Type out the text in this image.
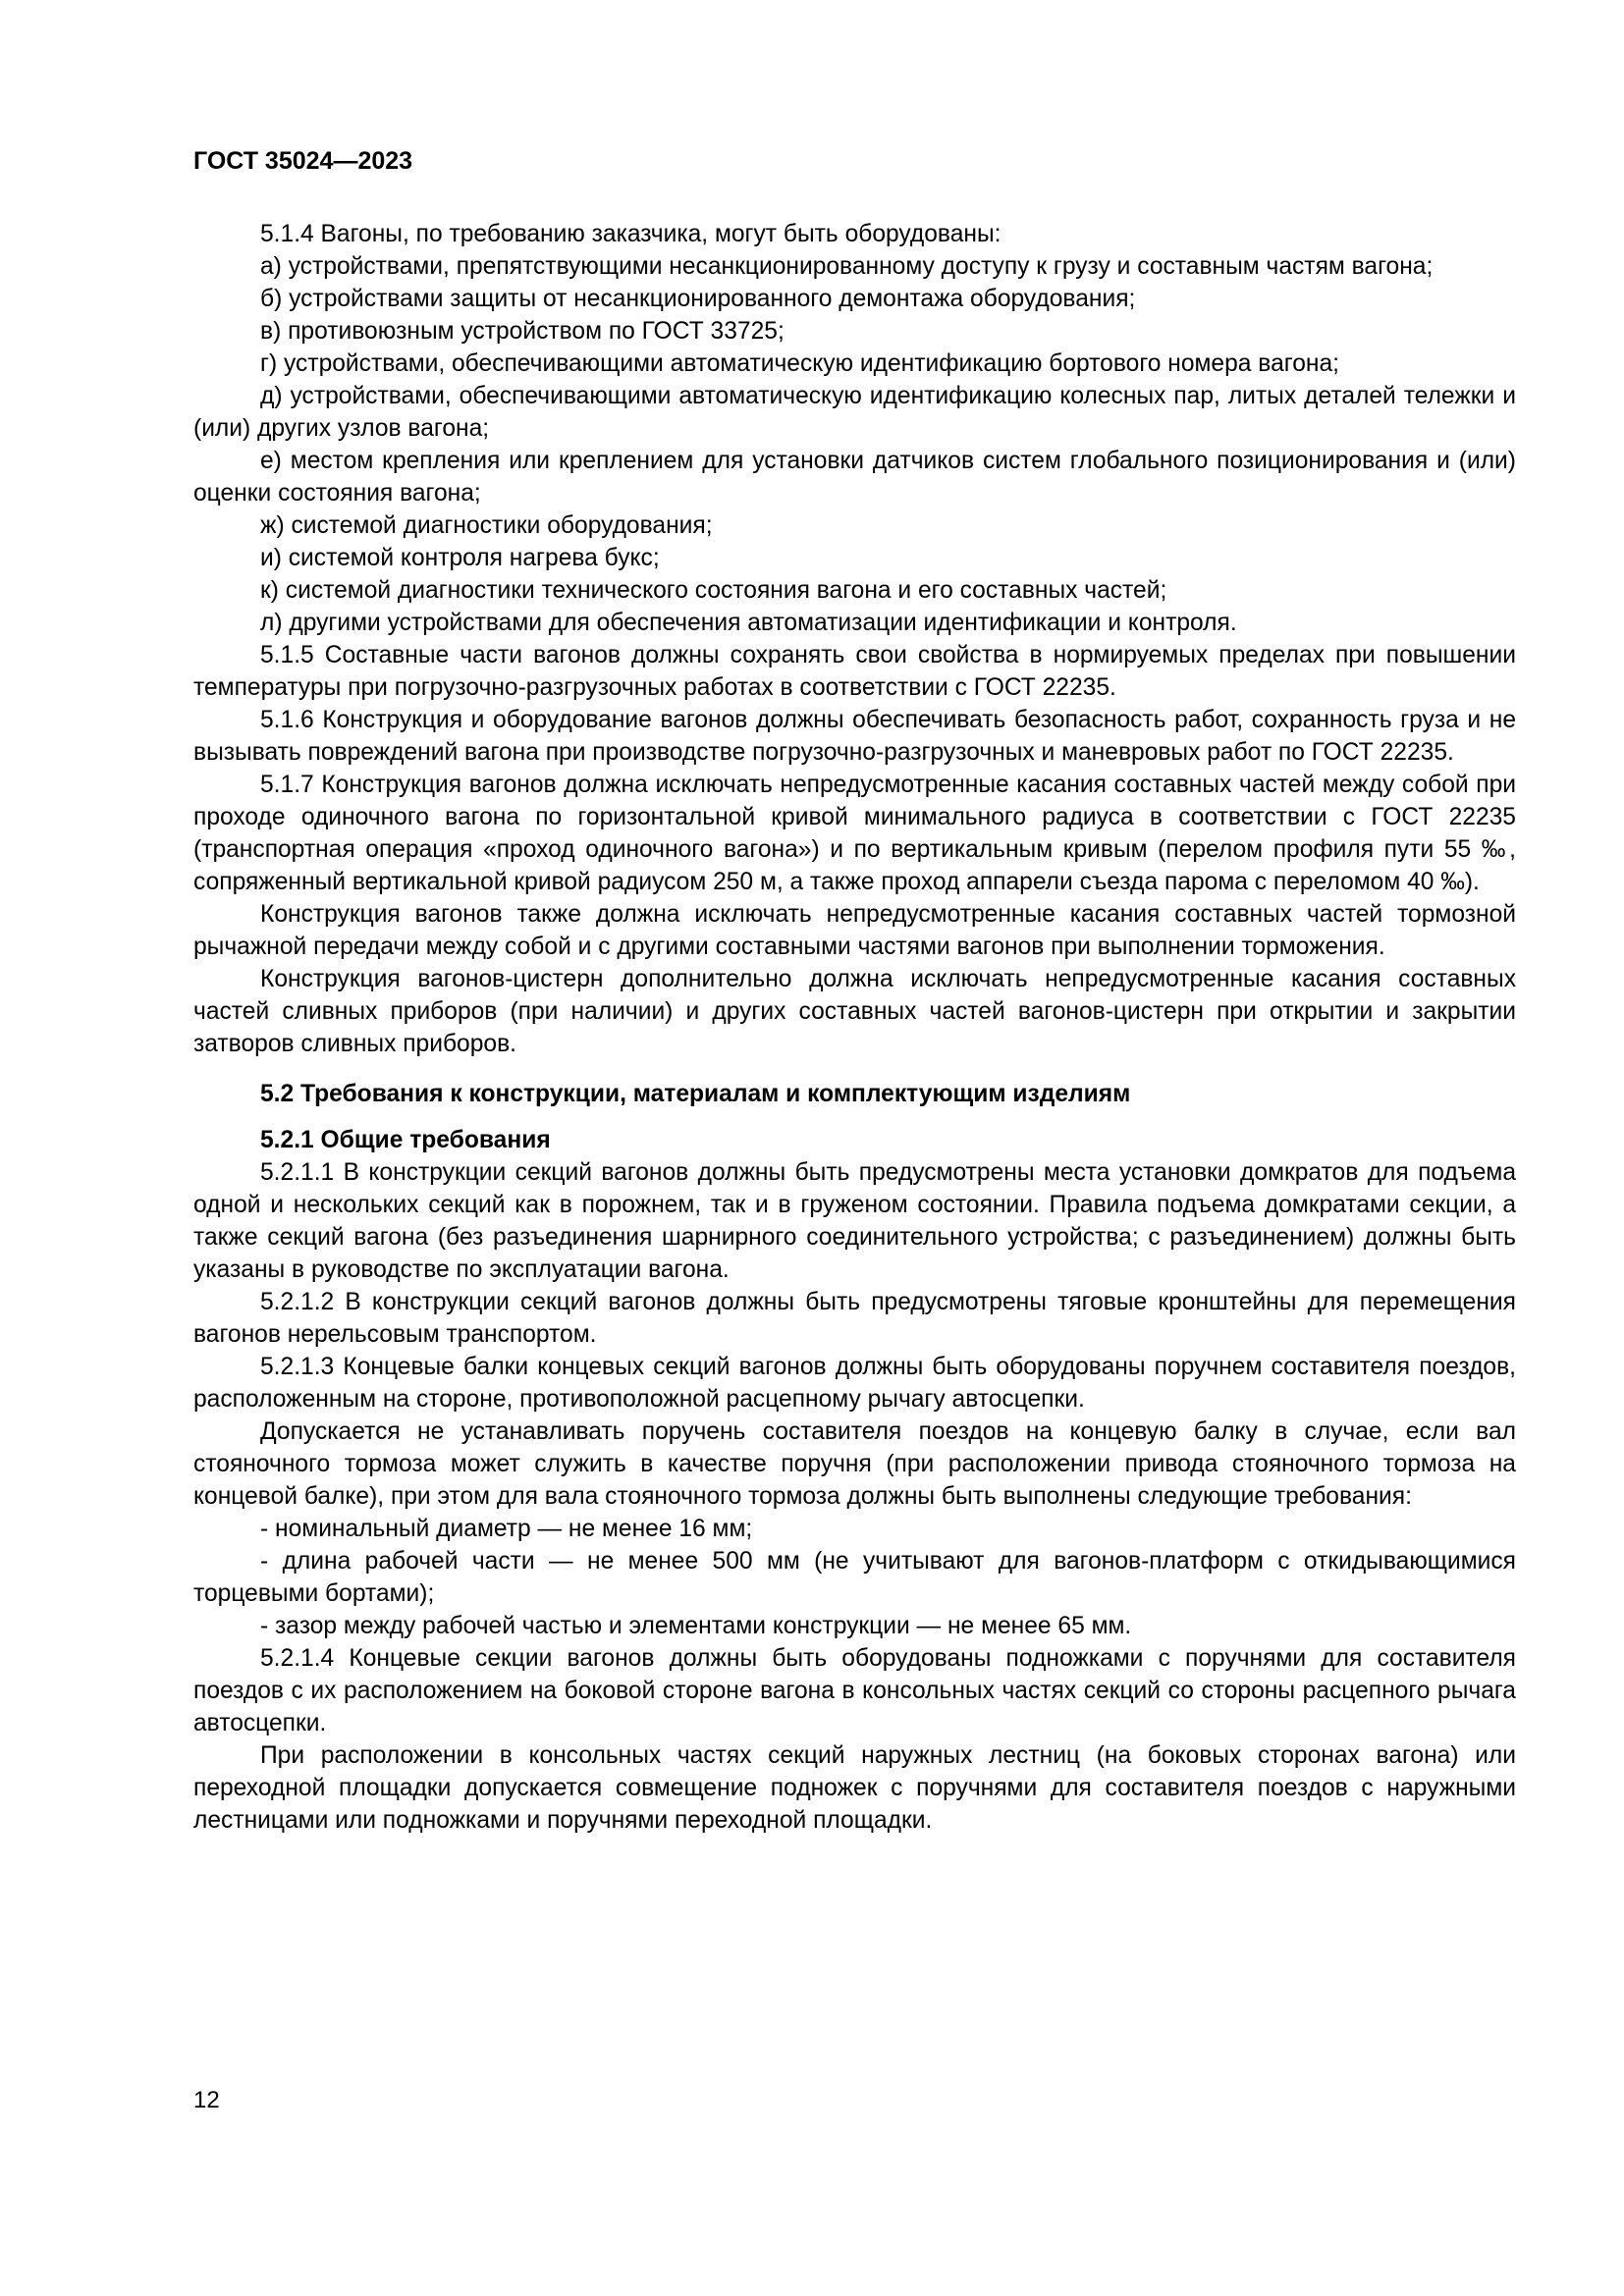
ГОСТ 35024—2023

5.1.4 Вагоны, по требованию заказчика, могут быть оборудованы:

а) устройствами, препятствующими несанкционированному доступу к грузу и составным частям вагона;

б) устройствами защиты от несанкционированного демонтажа оборудования;

в) противоюзным устройством по ГОСТ 33725;

г) устройствами, обеспечивающими автоматическую идентификацию бортового номера вагона;

д) устройствами, обеспечивающими автоматическую идентификацию колесных пар, литых деталей тележки и (или) других узлов вагона;

е) местом крепления или креплением для установки датчиков систем глобального позиционирования и (или) оценки состояния вагона;

ж) системой диагностики оборудования;

и) системой контроля нагрева букс;

к) системой диагностики технического состояния вагона и его составных частей;

л) другими устройствами для обеспечения автоматизации идентификации и контроля.

5.1.5 Составные части вагонов должны сохранять свои свойства в нормируемых пределах при повышении температуры при погрузочно-разгрузочных работах в соответствии с ГОСТ 22235.

5.1.6 Конструкция и оборудование вагонов должны обеспечивать безопасность работ, сохранность груза и не вызывать повреждений вагона при производстве погрузочно-разгрузочных и маневровых работ по ГОСТ 22235.

5.1.7 Конструкция вагонов должна исключать непредусмотренные касания составных частей между собой при проходе одиночного вагона по горизонтальной кривой минимального радиуса в соответствии с ГОСТ 22235 (транспортная операция «проход одиночного вагона») и по вертикальным кривым (перелом профиля пути 55 ‰, сопряженный вертикальной кривой радиусом 250 м, а также проход аппарели съезда парома с переломом 40 ‰).

Конструкция вагонов также должна исключать непредусмотренные касания составных частей тормозной рычажной передачи между собой и с другими составными частями вагонов при выполнении торможения.

Конструкция вагонов-цистерн дополнительно должна исключать непредусмотренные касания составных частей сливных приборов (при наличии) и других составных частей вагонов-цистерн при открытии и закрытии затворов сливных приборов.

5.2 Требования к конструкции, материалам и комплектующим изделиям

5.2.1 Общие требования

5.2.1.1 В конструкции секций вагонов должны быть предусмотрены места установки домкратов для подъема одной и нескольких секций как в порожнем, так и в груженом состоянии. Правила подъема домкратами секции, а также секций вагона (без разъединения шарнирного соединительного устройства; с разъединением) должны быть указаны в руководстве по эксплуатации вагона.

5.2.1.2 В конструкции секций вагонов должны быть предусмотрены тяговые кронштейны для перемещения вагонов нерельсовым транспортом.

5.2.1.3 Концевые балки концевых секций вагонов должны быть оборудованы поручнем составителя поездов, расположенным на стороне, противоположной расцепному рычагу автосцепки.

Допускается не устанавливать поручень составителя поездов на концевую балку в случае, если вал стояночного тормоза может служить в качестве поручня (при расположении привода стояночного тормоза на концевой балке), при этом для вала стояночного тормоза должны быть выполнены следующие требования:

- номинальный диаметр — не менее 16 мм;

- длина рабочей части — не менее 500 мм (не учитывают для вагонов-платформ с откидывающимися торцевыми бортами);

- зазор между рабочей частью и элементами конструкции — не менее 65 мм.

5.2.1.4 Концевые секции вагонов должны быть оборудованы подножками с поручнями для составителя поездов с их расположением на боковой стороне вагона в консольных частях секций со стороны расцепного рычага автосцепки.

При расположении в консольных частях секций наружных лестниц (на боковых сторонах вагона) или переходной площадки допускается совмещение подножек с поручнями для составителя поездов с наружными лестницами или подножками и поручнями переходной площадки.

12
